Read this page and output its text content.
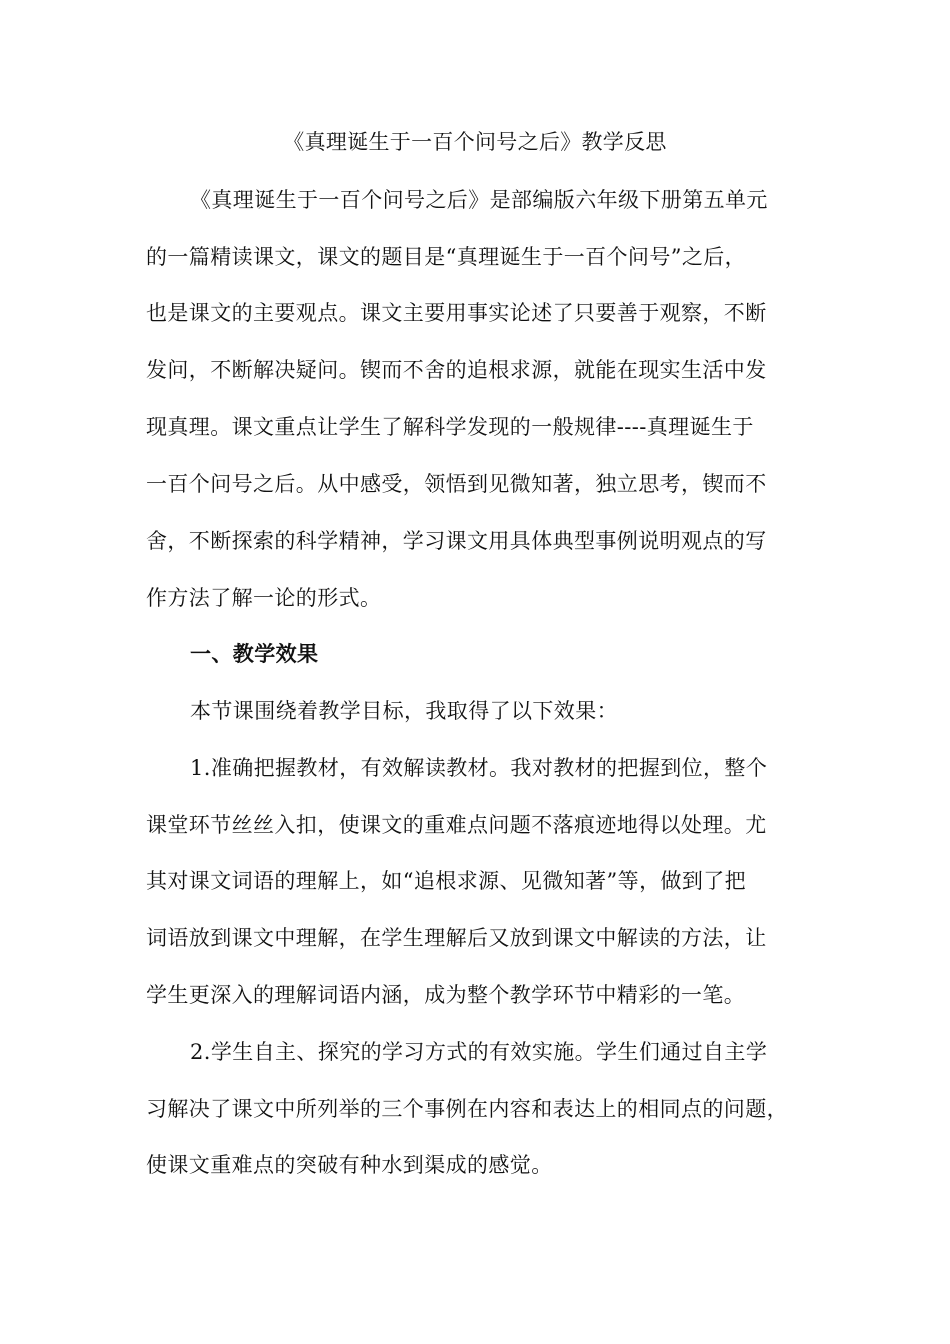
《真理诞生于一百个问号之后》教学反思
《真理诞生于一百个问号之后》是部编版六年级下册第五单元
的一篇精读课文，课文的题目是“真理诞生于一百个问号”之后，
也是课文的主要观点。课文主要用事实论述了只要善于观察，不断
发问，不断解决疑问。锲而不舍的追根求源，就能在现实生活中发
现真理。课文重点让学生了解科学发现的一般规律----真理诞生于
一百个问号之后。从中感受，领悟到见微知著，独立思考，锲而不
舍，不断探索的科学精神，学习课文用具体典型事例说明观点的写
作方法了解一论的形式。
一、教学效果
本节课围绕着教学目标，我取得了以下效果：
1.准确把握教材，有效解读教材。我对教材的把握到位，整个
课堂环节丝丝入扣，使课文的重难点问题不落痕迹地得以处理。尤
其对课文词语的理解上，如“追根求源、见微知著”等，做到了把
词语放到课文中理解，在学生理解后又放到课文中解读的方法，让
学生更深入的理解词语内涵，成为整个教学环节中精彩的一笔。
2.学生自主、探究的学习方式的有效实施。学生们通过自主学
习解决了课文中所列举的三个事例在内容和表达上的相同点的问题，
使课文重难点的突破有种水到渠成的感觉。
